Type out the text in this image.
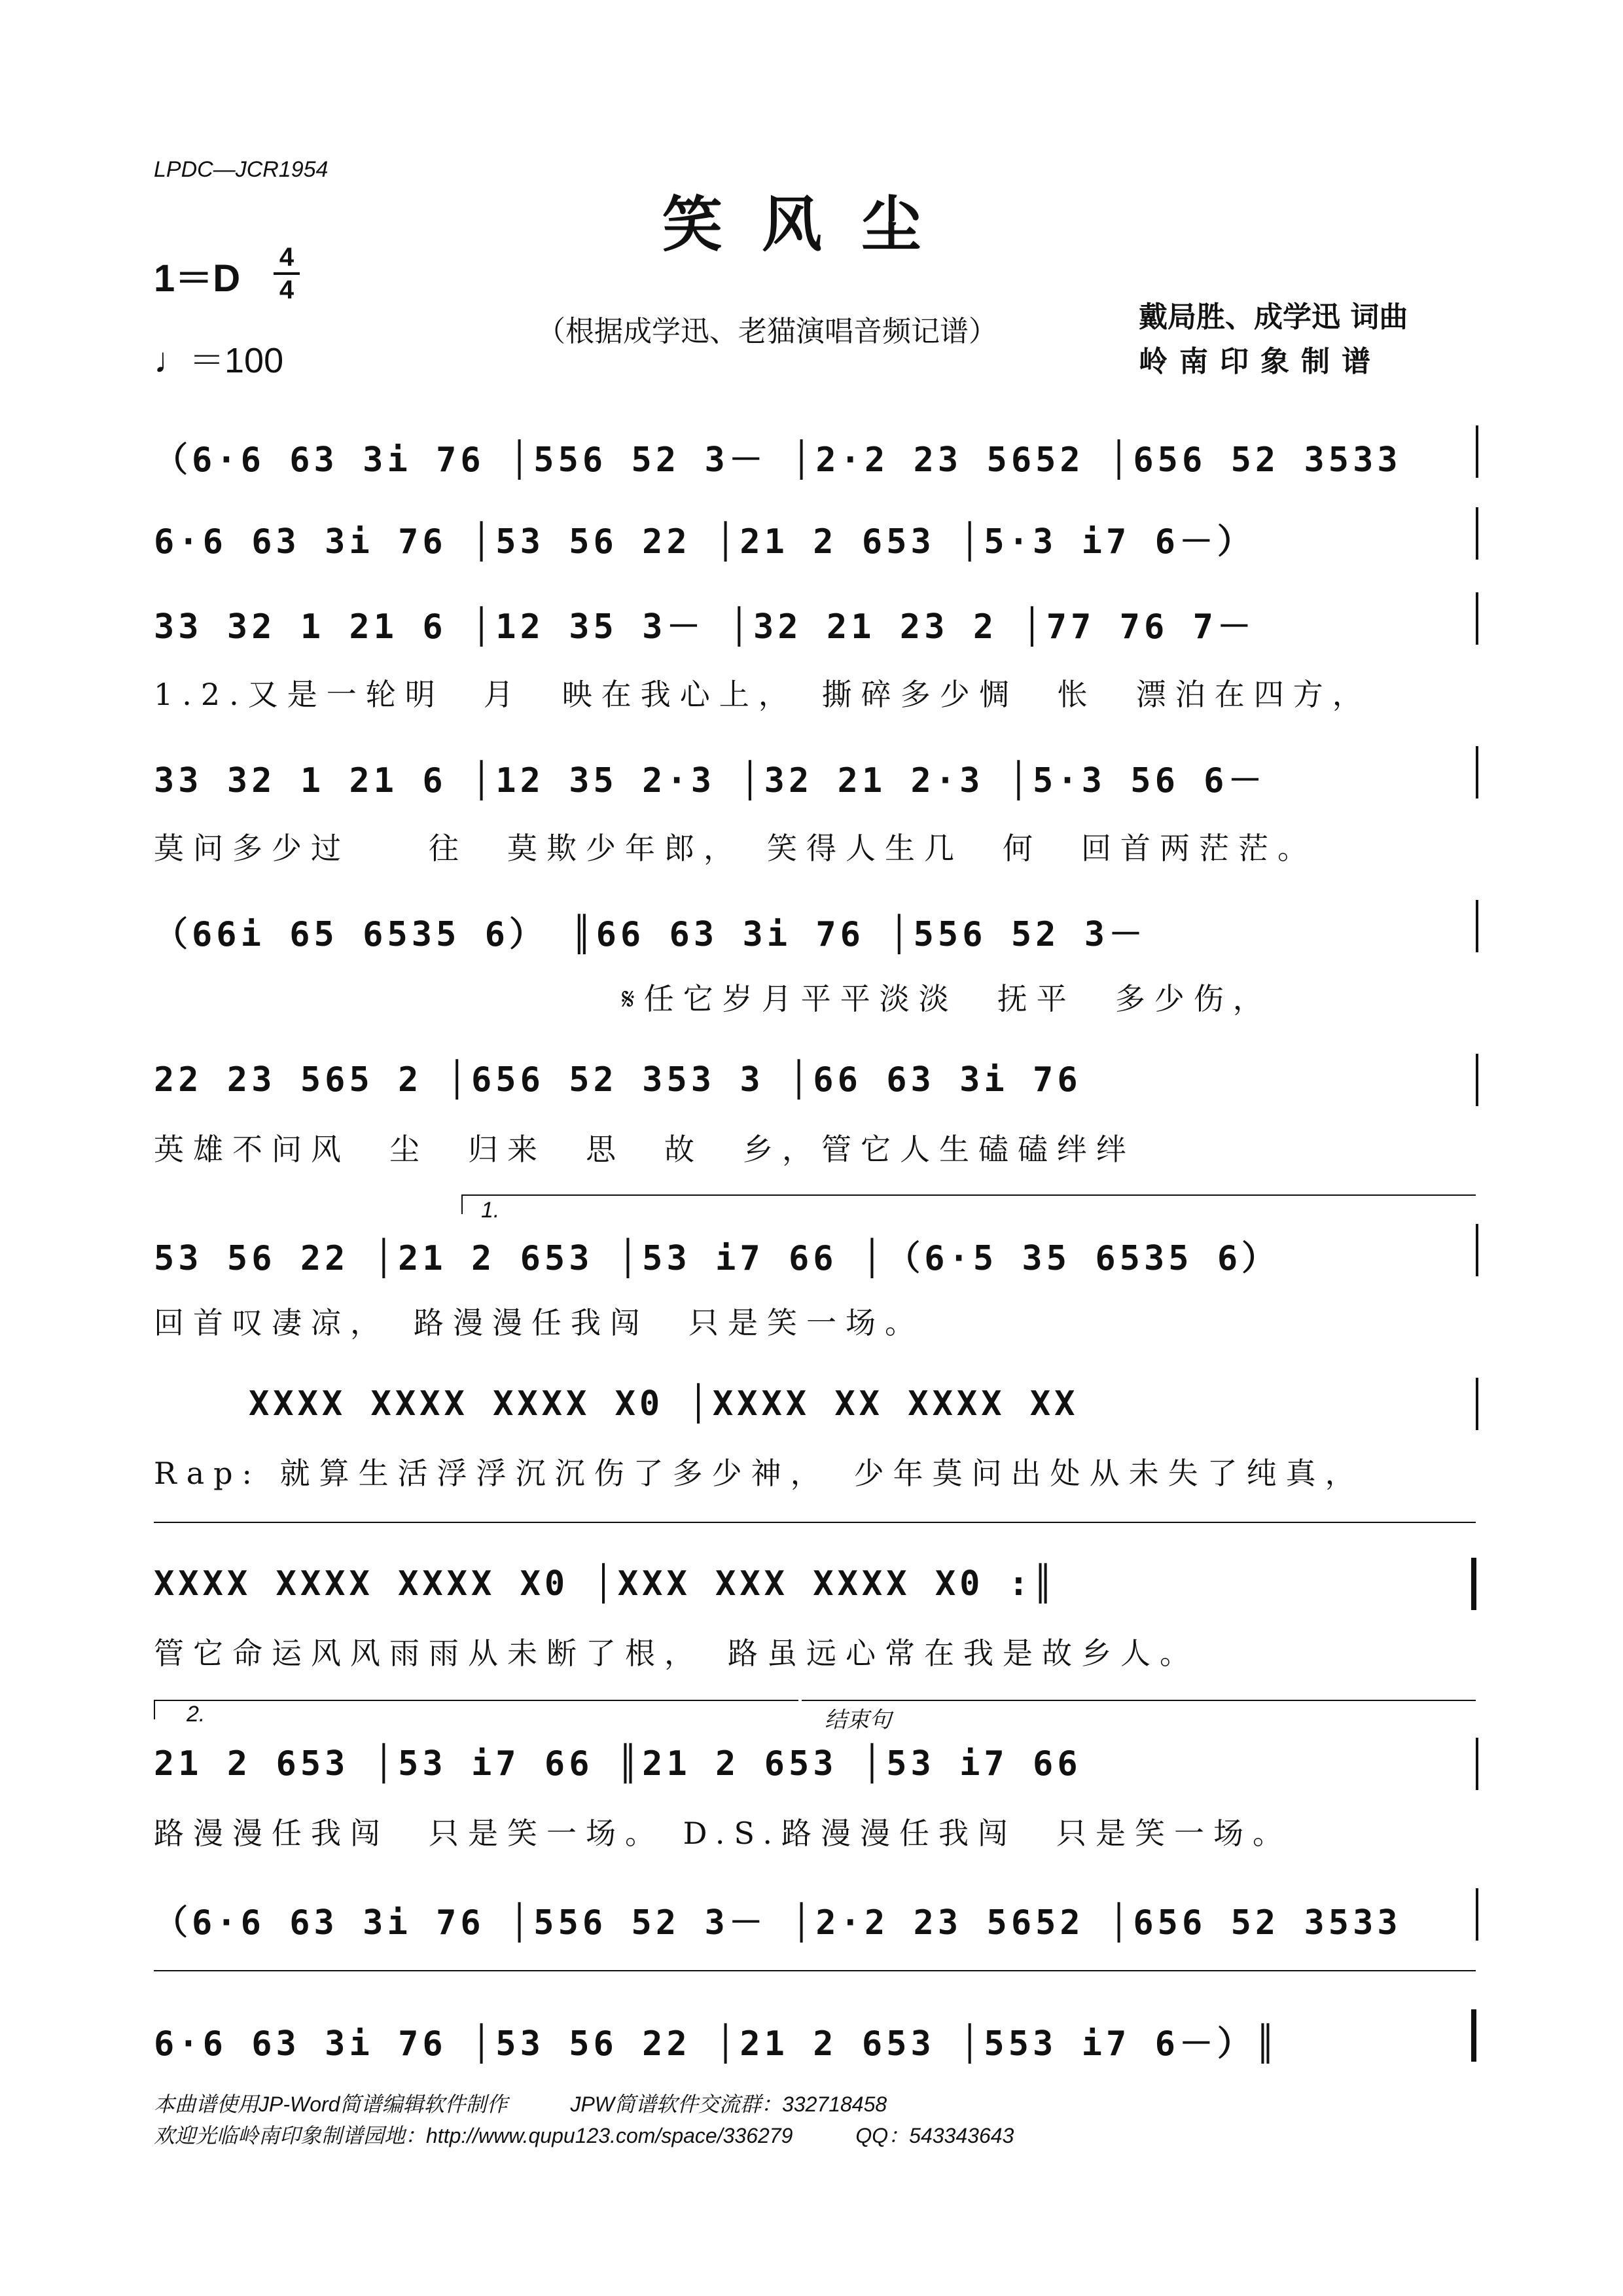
LPDC—JCR1954
笑风尘
1＝D 4
4
♩＝100
（根据成学迅、老猫演唱音频记谱）	戴局胜、成学迅 词曲
岭南印象制谱
（6·6 63 3i 76 │556 52 3－ │2·2 23 5652 │656 52 3533
6·6 63 3i 76 │53 56 22 │21 2 653 │5·3 i7 6－）
33 32 1 21 6 │12 35 3－ │32 21 23 2 │77 76 7－
1.2.又是一轮明　月　映在我心上，　撕碎多少惆　怅　漂泊在四方，
33 32 1 21 6 │12 35 2·3 │32 21 2·3 │5·3 56 6－
莫问多少过　　往　莫欺少年郎，　笑得人生几　何　回首两茫茫。
（66i 65 6535 6） ║66 63 3i 76 │556 52 3－
𝄋任它岁月平平淡淡　抚平　多少伤，
22 23 565 2 │656 52 353 3 │66 63 3i 76
英雄不问风　尘　归来　思　故　乡，管它人生磕磕绊绊
1.
53 56 22 │21 2 653 │53 i7 66 │（6·5 35 6535 6）
回首叹凄凉，　路漫漫任我闯　只是笑一场。
XXXX XXXX XXXX X0 │XXXX XX XXXX XX
Rap: 就算生活浮浮沉沉伤了多少神，　少年莫问出处从未失了纯真，
XXXX XXXX XXXX X0 │XXX XXX XXXX X0 :║
管它命运风风雨雨从未断了根，　路虽远心常在我是故乡人。
2.	结束句
21 2 653 │53 i7 66 ║21 2 653 │53 i7 66
路漫漫任我闯　只是笑一场。 D.S.路漫漫任我闯　只是笑一场。
（6·6 63 3i 76 │556 52 3－ │2·2 23 5652 │656 52 3533
6·6 63 3i 76 │53 56 22 │21 2 653 │553 i7 6－）║
本曲谱使用JP-Word简谱编辑软件制作　　　JPW简谱软件交流群：332718458
欢迎光临岭南印象制谱园地：http://www.qupu123.com/space/336279　　　QQ：543343643
